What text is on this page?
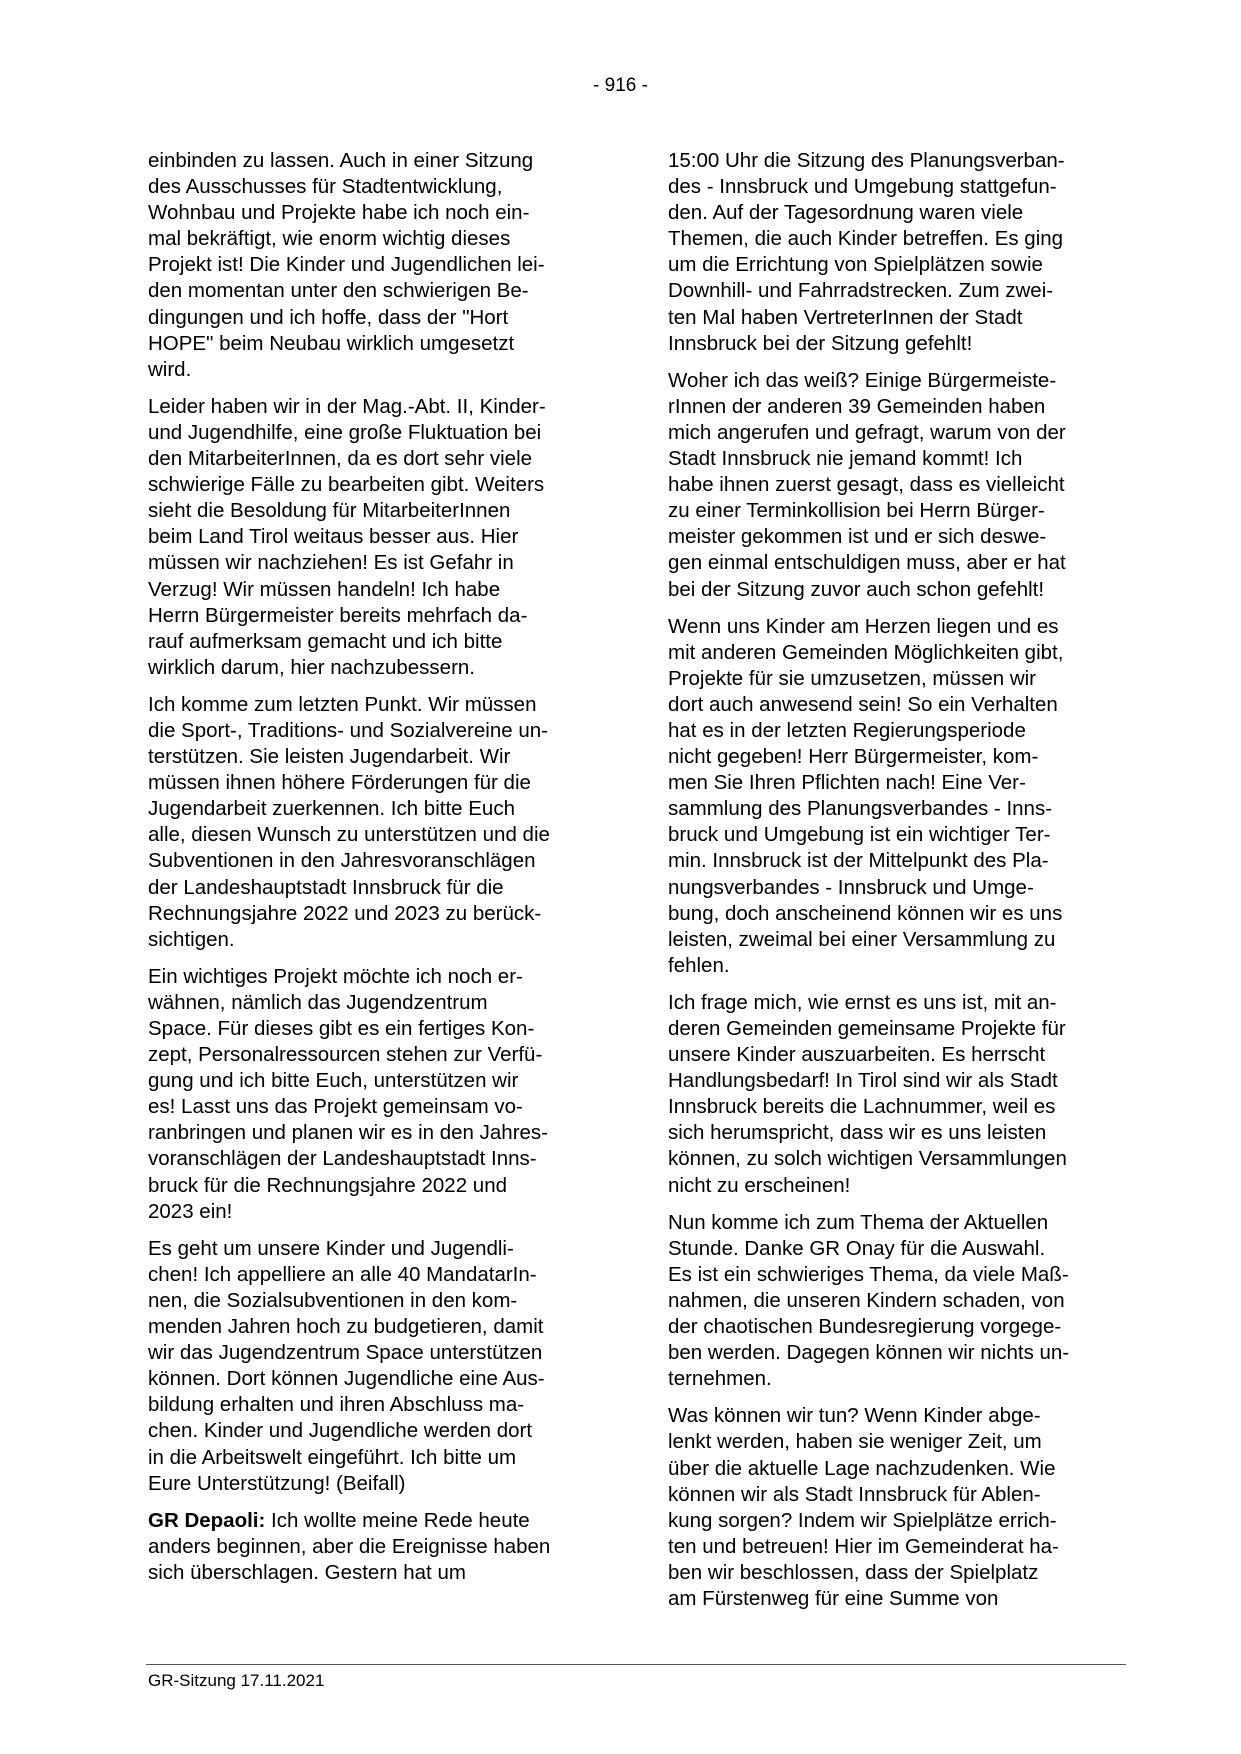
- 916 -

einbinden zu lassen. Auch in einer Sitzung
des Ausschusses für Stadtentwicklung,
Wohnbau und Projekte habe ich noch ein-
mal bekräftigt, wie enorm wichtig dieses
Projekt ist! Die Kinder und Jugendlichen lei-
den momentan unter den schwierigen Be-
dingungen und ich hoffe, dass der "Hort
HOPE" beim Neubau wirklich umgesetzt
wird.

Leider haben wir in der Mag.-Abt. II, Kinder-
und Jugendhilfe, eine große Fluktuation bei
den MitarbeiterInnen, da es dort sehr viele
schwierige Fälle zu bearbeiten gibt. Weiters
sieht die Besoldung für MitarbeiterInnen
beim Land Tirol weitaus besser aus. Hier
müssen wir nachziehen! Es ist Gefahr in
Verzug! Wir müssen handeln! Ich habe
Herrn Bürgermeister bereits mehrfach da-
rauf aufmerksam gemacht und ich bitte
wirklich darum, hier nachzubessern.

Ich komme zum letzten Punkt. Wir müssen
die Sport-, Traditions- und Sozialvereine un-
terstützen. Sie leisten Jugendarbeit. Wir
müssen ihnen höhere Förderungen für die
Jugendarbeit zuerkennen. Ich bitte Euch
alle, diesen Wunsch zu unterstützen und die
Subventionen in den Jahresvoranschlägen
der Landeshauptstadt Innsbruck für die
Rechnungsjahre 2022 und 2023 zu berück-
sichtigen.

Ein wichtiges Projekt möchte ich noch er-
wähnen, nämlich das Jugendzentrum
Space. Für dieses gibt es ein fertiges Kon-
zept, Personalressourcen stehen zur Verfü-
gung und ich bitte Euch, unterstützen wir
es! Lasst uns das Projekt gemeinsam vo-
ranbringen und planen wir es in den Jahres-
voranschlägen der Landeshauptstadt Inns-
bruck für die Rechnungsjahre 2022 und
2023 ein!

Es geht um unsere Kinder und Jugendli-
chen! Ich appelliere an alle 40 MandatarIn-
nen, die Sozialsubventionen in den kom-
menden Jahren hoch zu budgetieren, damit
wir das Jugendzentrum Space unterstützen
können. Dort können Jugendliche eine Aus-
bildung erhalten und ihren Abschluss ma-
chen. Kinder und Jugendliche werden dort
in die Arbeitswelt eingeführt. Ich bitte um
Eure Unterstützung! (Beifall)

GR Depaoli: Ich wollte meine Rede heute
anders beginnen, aber die Ereignisse haben
sich überschlagen. Gestern hat um

15:00 Uhr die Sitzung des Planungsverban-
des - Innsbruck und Umgebung stattgefun-
den. Auf der Tagesordnung waren viele
Themen, die auch Kinder betreffen. Es ging
um die Errichtung von Spielplätzen sowie
Downhill- und Fahrradstrecken. Zum zwei-
ten Mal haben VertreterInnen der Stadt
Innsbruck bei der Sitzung gefehlt!

Woher ich das weiß? Einige Bürgermeiste-
rInnen der anderen 39 Gemeinden haben
mich angerufen und gefragt, warum von der
Stadt Innsbruck nie jemand kommt! Ich
habe ihnen zuerst gesagt, dass es vielleicht
zu einer Terminkollision bei Herrn Bürger-
meister gekommen ist und er sich deswe-
gen einmal entschuldigen muss, aber er hat
bei der Sitzung zuvor auch schon gefehlt!

Wenn uns Kinder am Herzen liegen und es
mit anderen Gemeinden Möglichkeiten gibt,
Projekte für sie umzusetzen, müssen wir
dort auch anwesend sein! So ein Verhalten
hat es in der letzten Regierungsperiode
nicht gegeben! Herr Bürgermeister, kom-
men Sie Ihren Pflichten nach! Eine Ver-
sammlung des Planungsverbandes - Inns-
bruck und Umgebung ist ein wichtiger Ter-
min. Innsbruck ist der Mittelpunkt des Pla-
nungsverbandes - Innsbruck und Umge-
bung, doch anscheinend können wir es uns
leisten, zweimal bei einer Versammlung zu
fehlen.

Ich frage mich, wie ernst es uns ist, mit an-
deren Gemeinden gemeinsame Projekte für
unsere Kinder auszuarbeiten. Es herrscht
Handlungsbedarf! In Tirol sind wir als Stadt
Innsbruck bereits die Lachnummer, weil es
sich herumspricht, dass wir es uns leisten
können, zu solch wichtigen Versammlungen
nicht zu erscheinen!

Nun komme ich zum Thema der Aktuellen
Stunde. Danke GR Onay für die Auswahl.
Es ist ein schwieriges Thema, da viele Maß-
nahmen, die unseren Kindern schaden, von
der chaotischen Bundesregierung vorgege-
ben werden. Dagegen können wir nichts un-
ternehmen.

Was können wir tun? Wenn Kinder abge-
lenkt werden, haben sie weniger Zeit, um
über die aktuelle Lage nachzudenken. Wie
können wir als Stadt Innsbruck für Ablen-
kung sorgen? Indem wir Spielplätze errich-
ten und betreuen! Hier im Gemeinderat ha-
ben wir beschlossen, dass der Spielplatz
am Fürstenweg für eine Summe von

GR-Sitzung 17.11.2021
